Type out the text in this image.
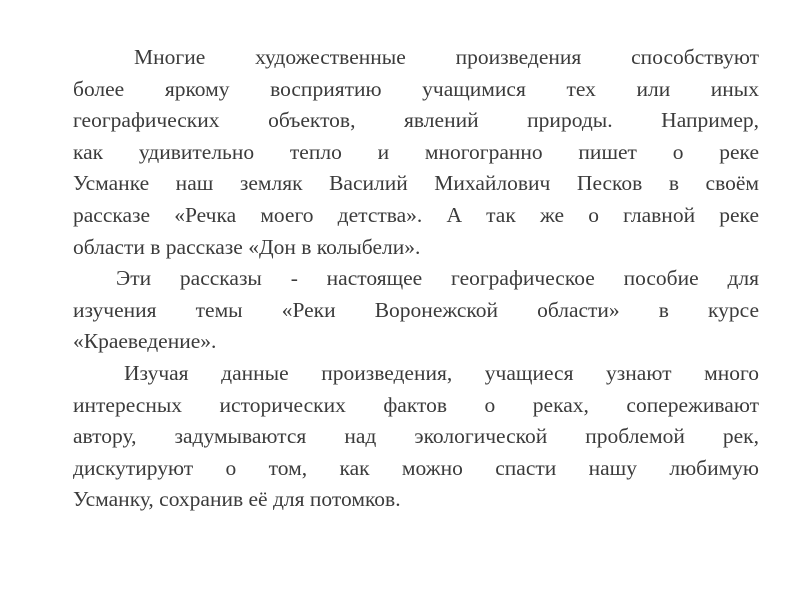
Многие художественные произведения способствуют
более яркому восприятию учащимися тех или иных
географических объектов, явлений природы. Например,
как удивительно тепло и многогранно пишет о реке
Усманке наш земляк Василий Михайлович Песков в своём
рассказе «Речка моего детства». А так же о главной реке
области в рассказе «Дон в колыбели».
Эти рассказы - настоящее географическое пособие для
изучения темы «Реки Воронежской области» в курсе
«Краеведение».
Изучая данные произведения, учащиеся узнают много
интересных исторических фактов о реках, сопереживают
автору, задумываются над экологической проблемой рек,
дискутируют о том, как можно спасти нашу любимую
Усманку, сохранив её для потомков.
